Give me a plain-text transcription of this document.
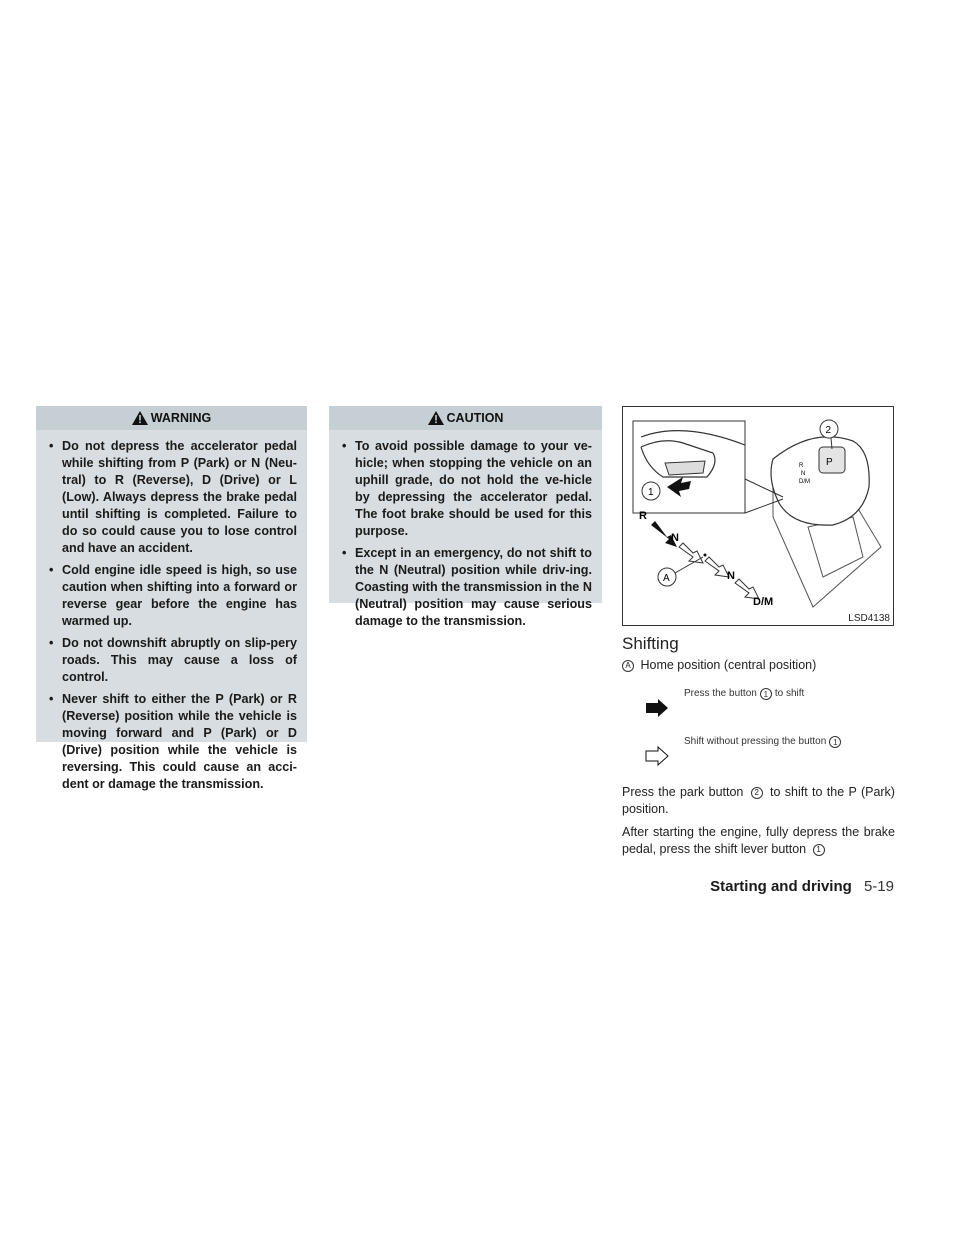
WARNING
• Do not depress the accelerator pedal while shifting from P (Park) or N (Neu-tral) to R (Reverse), D (Drive) or L (Low). Always depress the brake pedal until shifting is completed. Failure to do so could cause you to lose control and have an accident.
• Cold engine idle speed is high, so use caution when shifting into a forward or reverse gear before the engine has warmed up.
• Do not downshift abruptly on slip-pery roads. This may cause a loss of control.
• Never shift to either the P (Park) or R (Reverse) position while the vehicle is moving forward and P (Park) or D (Drive) position while the vehicle is reversing. This could cause an acci-dent or damage the transmission.
CAUTION
• To avoid possible damage to your ve-hicle; when stopping the vehicle on an uphill grade, do not hold the ve-hicle by depressing the accelerator pedal. The foot brake should be used for this purpose.
• Except in an emergency, do not shift to the N (Neutral) position while driv-ing. Coasting with the transmission in the N (Neutral) position may cause serious damage to the transmission.
P
R
N
D/M
2
1
R
N
A	N
D/M
LSD4138
Shifting
A Home position (central position)
Press the button 1 to shift
Shift without pressing the button 1

Press the park button 2 to shift to the P (Park) position.

After starting the engine, fully depress the brake pedal, press the shift lever button 1

Starting and driving 5-19
